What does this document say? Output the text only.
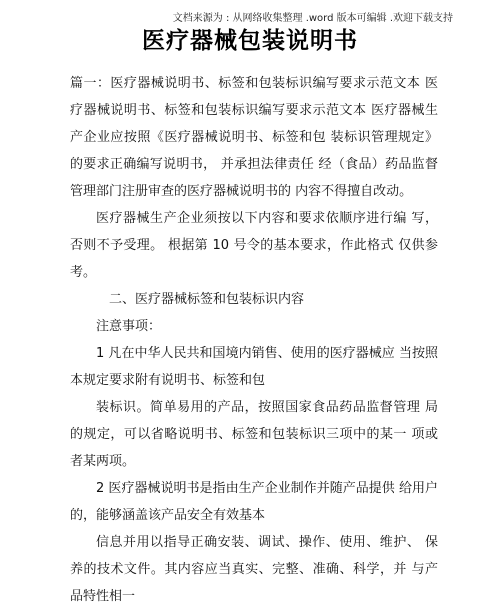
文档来源为 : 从网络收集整理 .word 版本可编辑 .欢迎下载支持
医疗器械包装说明书

篇一：医疗器械说明书、标签和包装标识编写要求示范文本 医疗器械说明书、标签和包装标识编写要求示范文本 医疗器械生产企业应按照《医疗器械说明书、标签和包 装标识管理规定》 的要求正确编写说明书， 并承担法律责任 经（食品）药品监督管理部门注册审查的医疗器械说明书的 内容不得擅自改动。

医疗器械生产企业须按以下内容和要求依顺序进行编 写，否则不予受理。 根据第 10 号令的基本要求，作此格式 仅供参考。

二、医疗器械标签和包装标识内容

注意事项：

1 凡在中华人民共和国境内销售、使用的医疗器械应 当按照本规定要求附有说明书、标签和包

装标识。简单易用的产品，按照国家食品药品监督管理 局的规定，可以省略说明书、标签和包装标识三项中的某一 项或者某两项。

2 医疗器械说明书是指由生产企业制作并随产品提供 给用户的，能够涵盖该产品安全有效基本

信息并用以指导正确安装、调试、操作、使用、维护、 保养的技术文件。其内容应当真实、完整、准确、科学，并 与产品特性相一
